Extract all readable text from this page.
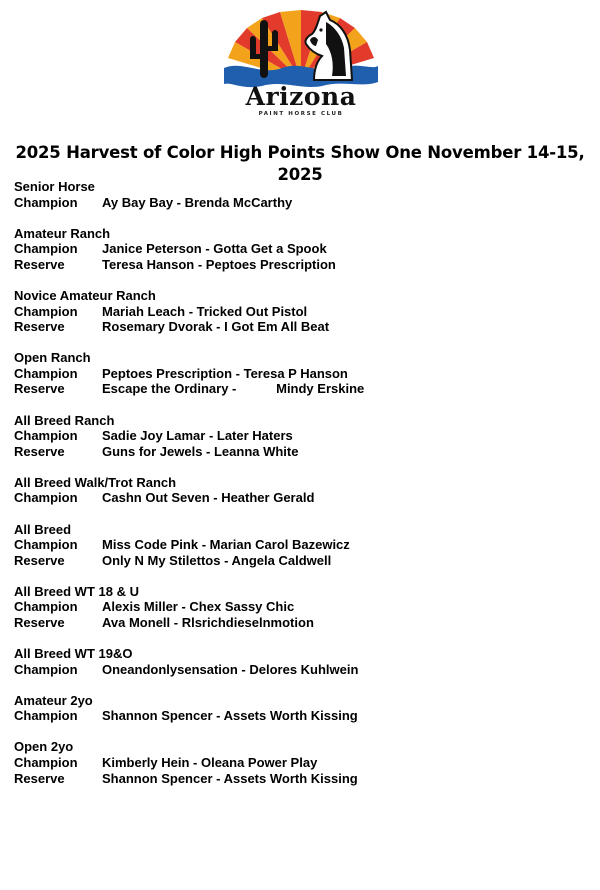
Arizona
PAINT HORSE CLUB
2025 Harvest of Color High Points Show One November 14-15, 2025
Senior Horse
Champion	Ay Bay Bay - Brenda McCarthy
Amateur Ranch
Champion	Janice Peterson - Gotta Get a Spook
Reserve	Teresa Hanson - Peptoes Prescription
Novice Amateur Ranch
Champion	Mariah Leach - Tricked Out Pistol
Reserve	Rosemary Dvorak - I Got Em All Beat
Open Ranch
Champion	Peptoes Prescription - Teresa P Hanson
Reserve	Escape the Ordinary -           Mindy Erskine
All Breed Ranch
Champion	Sadie Joy Lamar - Later Haters
Reserve	Guns for Jewels - Leanna White
All Breed Walk/Trot Ranch
Champion	Cashn Out Seven - Heather Gerald
All Breed
Champion	Miss Code Pink - Marian Carol Bazewicz
Reserve	Only N My Stilettos - Angela Caldwell
All Breed WT 18 & U
Champion	Alexis Miller - Chex Sassy Chic
Reserve	Ava Monell - Rlsrichdieselnmotion
All Breed WT 19&O
Champion	Oneandonlysensation - Delores Kuhlwein
Amateur 2yo
Champion	Shannon Spencer - Assets Worth Kissing
Open 2yo
Champion	Kimberly Hein - Oleana Power Play
Reserve	Shannon Spencer - Assets Worth Kissing
